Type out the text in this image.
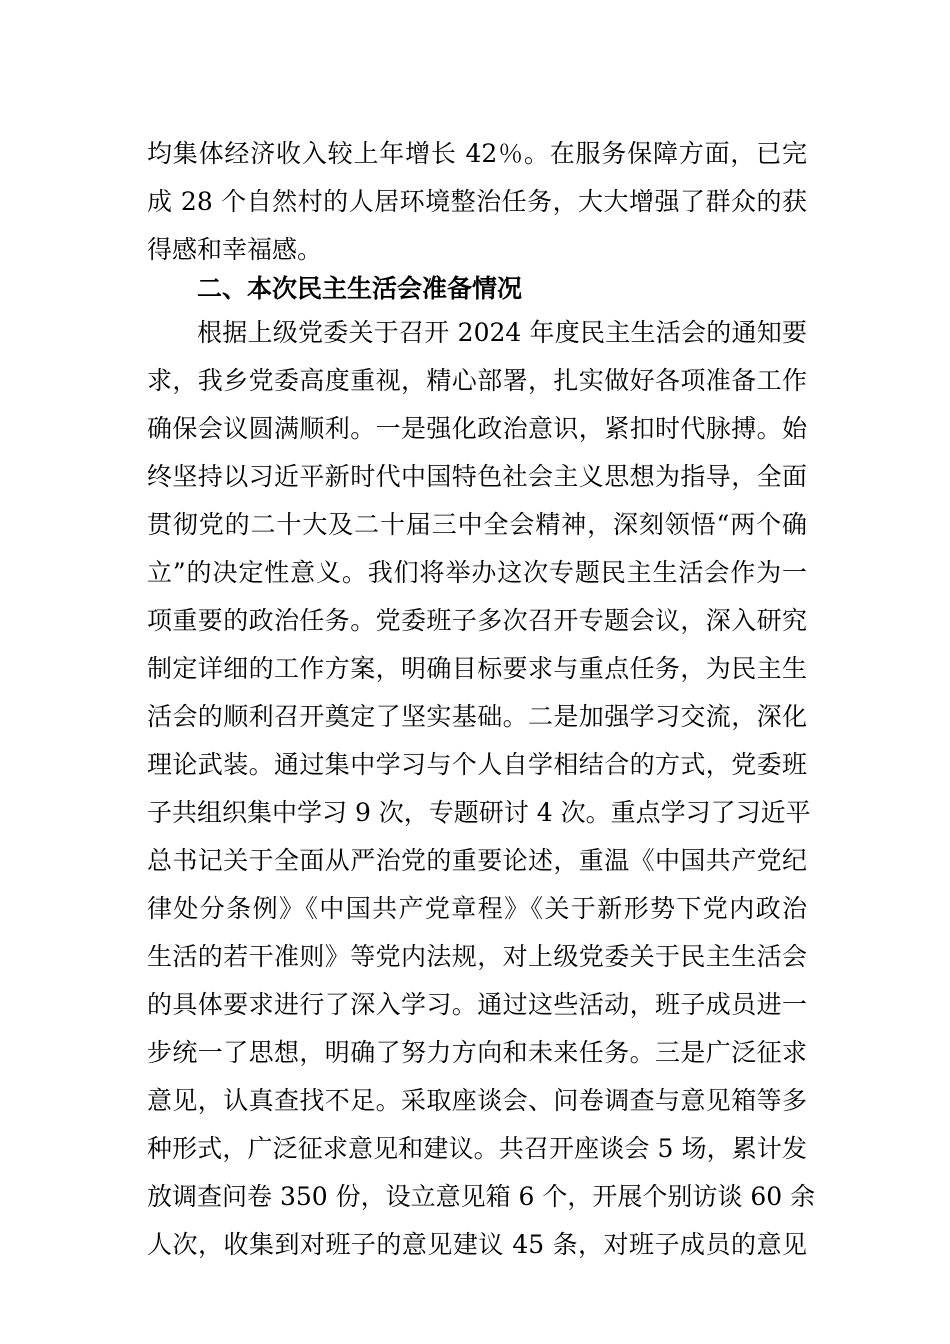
均集体经济收入较上年增长 42％。在服务保障方面，已完
成 28 个自然村的人居环境整治任务，大大增强了群众的获
得感和幸福感。
二、本次民主生活会准备情况
根据上级党委关于召开 2024 年度民主生活会的通知要
求，我乡党委高度重视，精心部署，扎实做好各项准备工作
确保会议圆满顺利。一是强化政治意识，紧扣时代脉搏。始
终坚持以习近平新时代中国特色社会主义思想为指导，全面
贯彻党的二十大及二十届三中全会精神，深刻领悟“两个确
立”的决定性意义。我们将举办这次专题民主生活会作为一
项重要的政治任务。党委班子多次召开专题会议，深入研究
制定详细的工作方案，明确目标要求与重点任务，为民主生
活会的顺利召开奠定了坚实基础。二是加强学习交流，深化
理论武装。通过集中学习与个人自学相结合的方式，党委班
子共组织集中学习 9 次，专题研讨 4 次。重点学习了习近平
总书记关于全面从严治党的重要论述，重温《中国共产党纪
律处分条例》《中国共产党章程》《关于新形势下党内政治
生活的若干准则》等党内法规，对上级党委关于民主生活会
的具体要求进行了深入学习。通过这些活动，班子成员进一
步统一了思想，明确了努力方向和未来任务。三是广泛征求
意见，认真查找不足。采取座谈会、问卷调查与意见箱等多
种形式，广泛征求意见和建议。共召开座谈会 5 场，累计发
放调查问卷 350 份，设立意见箱 6 个，开展个别访谈 60 余
人次，收集到对班子的意见建议 45 条，对班子成员的意见
